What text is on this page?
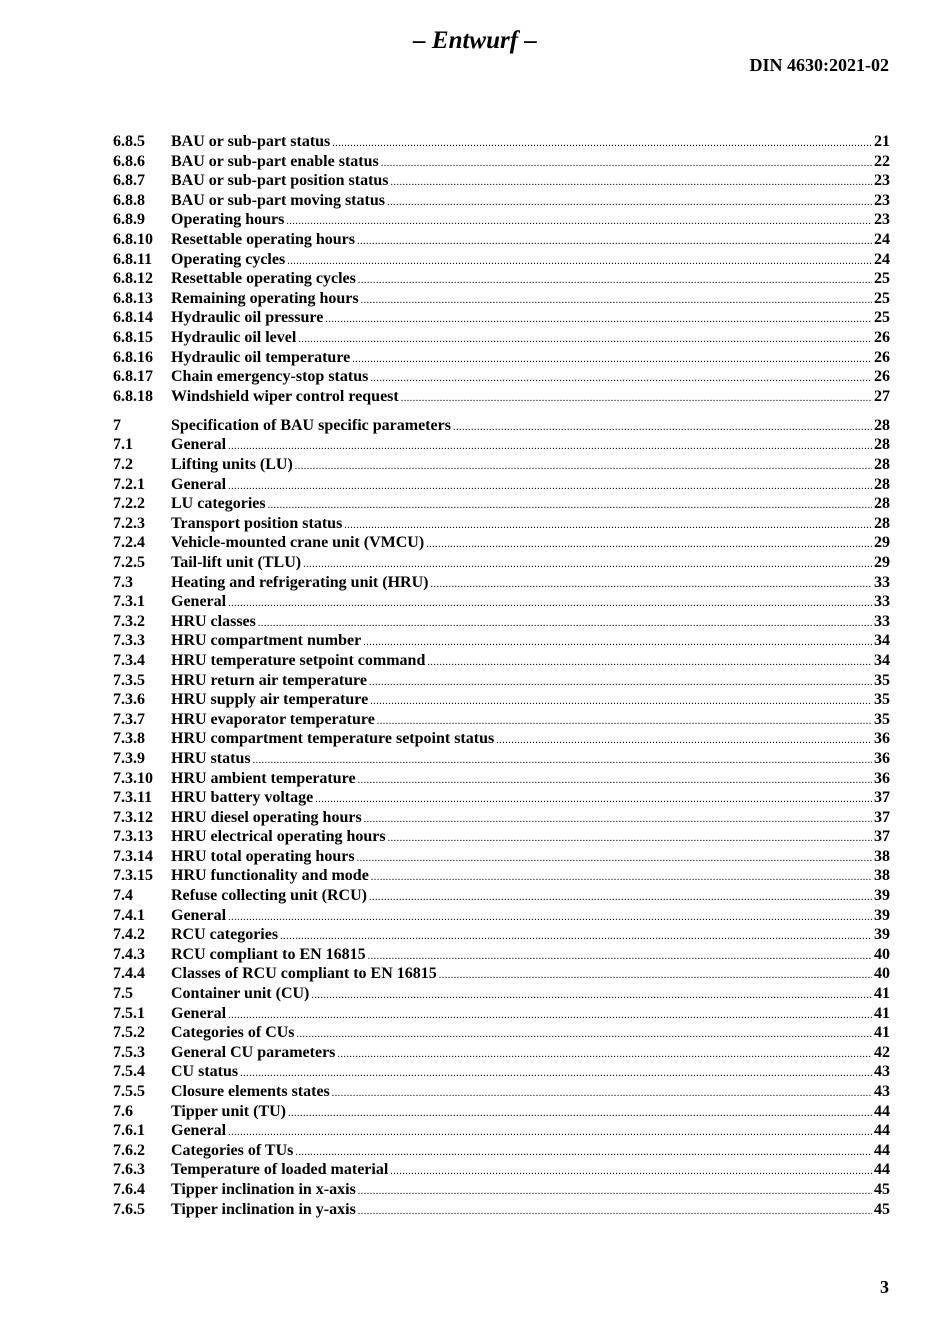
– Entwurf –
DIN 4630:2021-02
6.8.5	BAU or sub-part status .....	21
6.8.6	BAU or sub-part enable status .....	22
6.8.7	BAU or sub-part position status .....	23
6.8.8	BAU or sub-part moving status .....	23
6.8.9	Operating hours .....	23
6.8.10	Resettable operating hours .....	24
6.8.11	Operating cycles .....	24
6.8.12	Resettable operating cycles .....	25
6.8.13	Remaining operating hours .....	25
6.8.14	Hydraulic oil pressure .....	25
6.8.15	Hydraulic oil level .....	26
6.8.16	Hydraulic oil temperature .....	26
6.8.17	Chain emergency-stop status .....	26
6.8.18	Windshield wiper control request .....	27
7	Specification of BAU specific parameters .....	28
7.1	General .....	28
7.2	Lifting units (LU) .....	28
7.2.1	General .....	28
7.2.2	LU categories .....	28
7.2.3	Transport position status .....	28
7.2.4	Vehicle-mounted crane unit (VMCU) .....	29
7.2.5	Tail-lift unit (TLU) .....	29
7.3	Heating and refrigerating unit (HRU) .....	33
7.3.1	General .....	33
7.3.2	HRU classes .....	33
7.3.3	HRU compartment number .....	34
7.3.4	HRU temperature setpoint command .....	34
7.3.5	HRU return air temperature .....	35
7.3.6	HRU supply air temperature .....	35
7.3.7	HRU evaporator temperature .....	35
7.3.8	HRU compartment temperature setpoint status .....	36
7.3.9	HRU status .....	36
7.3.10	HRU ambient temperature .....	36
7.3.11	HRU battery voltage .....	37
7.3.12	HRU diesel operating hours .....	37
7.3.13	HRU electrical operating hours .....	37
7.3.14	HRU total operating hours .....	38
7.3.15	HRU functionality and mode .....	38
7.4	Refuse collecting unit (RCU) .....	39
7.4.1	General .....	39
7.4.2	RCU categories .....	39
7.4.3	RCU compliant to EN 16815 .....	40
7.4.4	Classes of RCU compliant to EN 16815 .....	40
7.5	Container unit (CU) .....	41
7.5.1	General .....	41
7.5.2	Categories of CUs .....	41
7.5.3	General CU parameters .....	42
7.5.4	CU status .....	43
7.5.5	Closure elements states .....	43
7.6	Tipper unit (TU) .....	44
7.6.1	General .....	44
7.6.2	Categories of TUs .....	44
7.6.3	Temperature of loaded material .....	44
7.6.4	Tipper inclination in x-axis .....	45
7.6.5	Tipper inclination in y-axis .....	45
3
